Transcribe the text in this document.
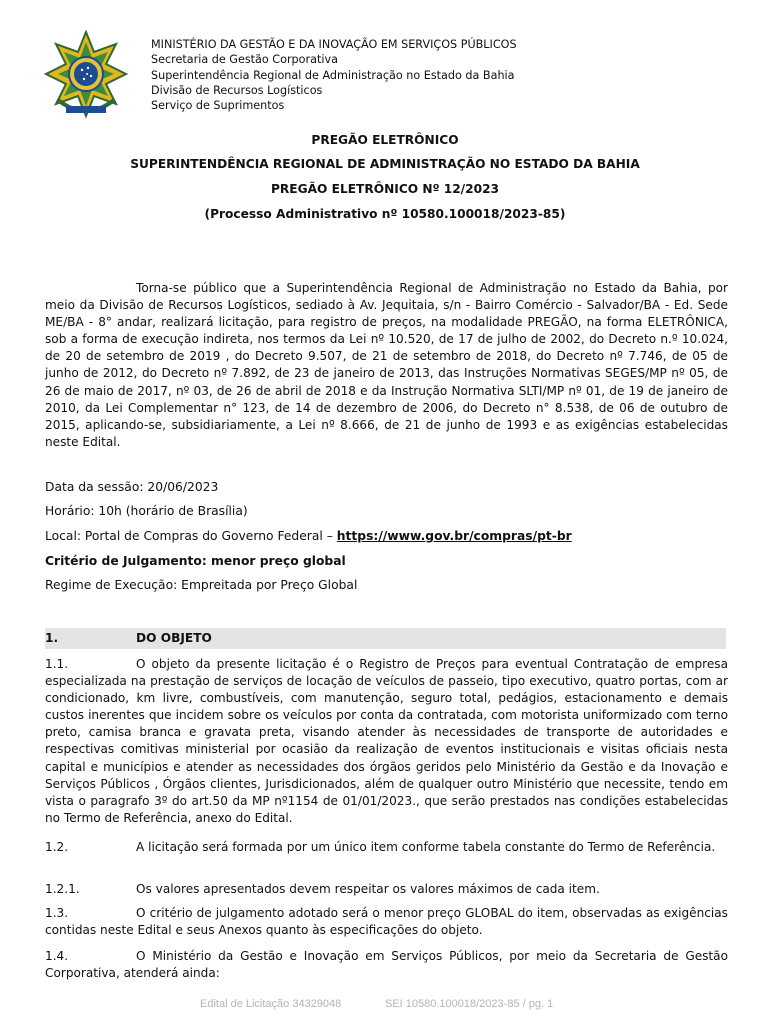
MINISTÉRIO DA GESTÃO E DA INOVAÇÃO EM SERVIÇOS PÚBLICOS
Secretaria de Gestão Corporativa
Superintendência Regional de Administração no Estado da Bahia
Divisão de Recursos Logísticos
Serviço de Suprimentos
PREGÃO ELETRÔNICO
SUPERINTENDÊNCIA REGIONAL DE ADMINISTRAÇÃO NO ESTADO DA BAHIA
PREGÃO ELETRÔNICO Nº 12/2023
(Processo Administrativo nº 10580.100018/2023-85)
Torna-se público que a Superintendência Regional de Administração no Estado da Bahia, por meio da Divisão de Recursos Logísticos, sediado à Av. Jequitaia, s/n - Bairro Comércio - Salvador/BA - Ed. Sede ME/BA - 8° andar, realizará licitação, para registro de preços, na modalidade PREGÃO, na forma ELETRÔNICA, sob a forma de execução indireta, nos termos da Lei nº 10.520, de 17 de julho de 2002, do Decreto n.º 10.024, de 20 de setembro de 2019 , do Decreto 9.507, de 21 de setembro de 2018, do Decreto nº 7.746, de 05 de junho de 2012, do Decreto nº 7.892, de 23 de janeiro de 2013, das Instruções Normativas SEGES/MP nº 05, de 26 de maio de 2017, nº 03, de 26 de abril de 2018 e da Instrução Normativa SLTI/MP nº 01, de 19 de janeiro de 2010, da Lei Complementar n° 123, de 14 de dezembro de 2006, do Decreto n° 8.538, de 06 de outubro de 2015, aplicando-se, subsidiariamente, a Lei nº 8.666, de 21 de junho de 1993 e as exigências estabelecidas neste Edital.
Data da sessão: 20/06/2023
Horário: 10h (horário de Brasília)
Local: Portal de Compras do Governo Federal – https://www.gov.br/compras/pt-br
Critério de Julgamento: menor preço global
Regime de Execução: Empreitada por Preço Global
1.	DO OBJETO
1.1.	O objeto da presente licitação é o Registro de Preços para eventual Contratação de empresa especializada na prestação de serviços de locação de veículos de passeio, tipo executivo, quatro portas, com ar condicionado, km livre, combustíveis, com manutenção, seguro total, pedágios, estacionamento e demais custos inerentes que incidem sobre os veículos por conta da contratada, com motorista uniformizado com terno preto, camisa branca e gravata preta, visando atender às necessidades de transporte de autoridades e respectivas comitivas ministerial por ocasião da realização de eventos institucionais e visitas oficiais nesta capital e municípios e atender as necessidades dos órgãos geridos pelo Ministério da Gestão e da Inovação e Serviços Públicos , Órgãos clientes, Jurisdicionados, além de qualquer outro Ministério que necessite, tendo em vista o paragrafo 3º do art.50 da MP nº1154 de 01/01/2023., que serão prestados nas condições estabelecidas no Termo de Referência, anexo do Edital.
1.2.	A licitação será formada por um único item conforme tabela constante do Termo de Referência.
1.2.1.	Os valores apresentados devem respeitar os valores máximos de cada item.
1.3.	O critério de julgamento adotado será o menor preço GLOBAL do item, observadas as exigências contidas neste Edital e seus Anexos quanto às especificações do objeto.
1.4.	O Ministério da Gestão e Inovação em Serviços Públicos, por meio da Secretaria de Gestão Corporativa, atenderá ainda:
Edital de Licitação 34329048	SEI 10580.100018/2023-85 / pg. 1
